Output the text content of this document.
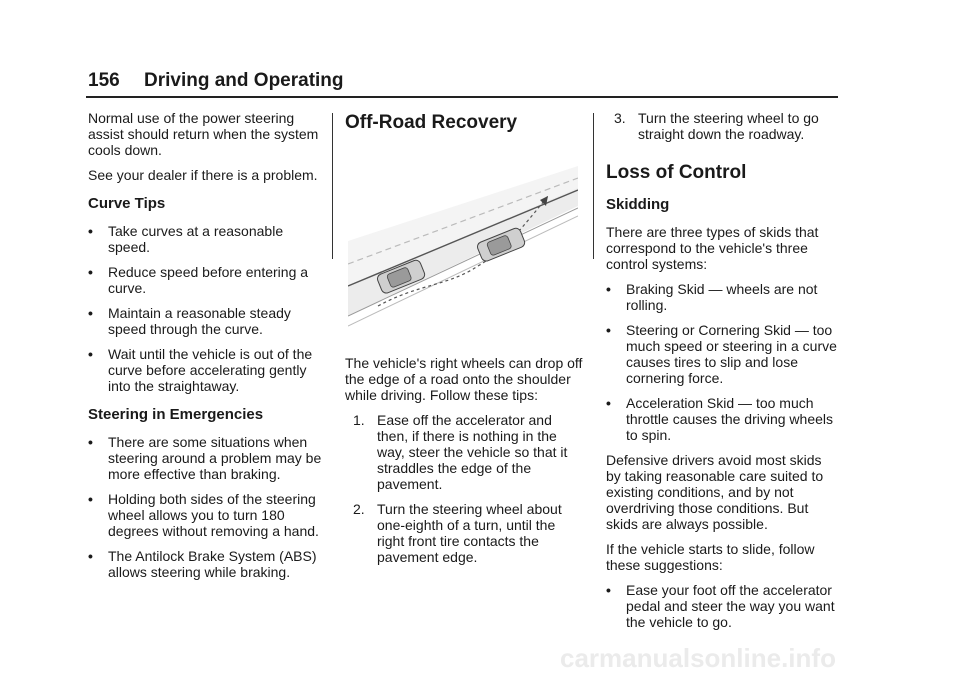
156 Driving and Operating

Normal use of the power steering assist should return when the system cools down.

See your dealer if there is a problem.

Curve Tips
•	Take curves at a reasonable speed.
•	Reduce speed before entering a curve.
•	Maintain a reasonable steady speed through the curve.
•	Wait until the vehicle is out of the curve before accelerating gently into the straightaway.
Steering in Emergencies
•	There are some situations when steering around a problem may be more effective than braking.
•	Holding both sides of the steering wheel allows you to turn 180 degrees without removing a hand.
•	The Antilock Brake System (ABS) allows steering while braking.
Off-Road Recovery

The vehicle's right wheels can drop off the edge of a road onto the shoulder while driving. Follow these tips:

1. Ease off the accelerator and then, if there is nothing in the way, steer the vehicle so that it straddles the edge of the pavement.
2. Turn the steering wheel about one-eighth of a turn, until the right front tire contacts the pavement edge.
3. Turn the steering wheel to go straight down the roadway.
Loss of Control
Skidding

There are three types of skids that correspond to the vehicle's three control systems:

•	Braking Skid — wheels are not rolling.
•	Steering or Cornering Skid — too much speed or steering in a curve causes tires to slip and lose cornering force.
•	Acceleration Skid — too much throttle causes the driving wheels to spin.

Defensive drivers avoid most skids by taking reasonable care suited to existing conditions, and by not overdriving those conditions. But skids are always possible.

If the vehicle starts to slide, follow these suggestions:

•	Ease your foot off the accelerator pedal and steer the way you want the vehicle to go.
carmanualsonline.info
